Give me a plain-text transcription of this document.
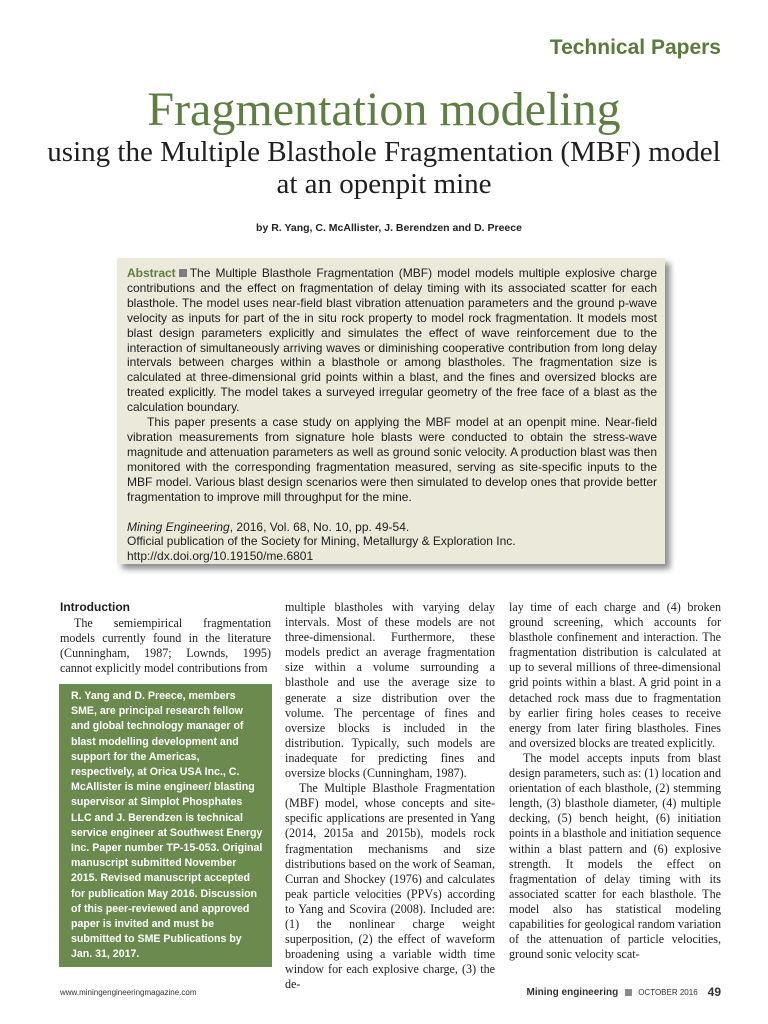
Technical Papers
Fragmentation modeling
using the Multiple Blasthole Fragmentation (MBF) model at an openpit mine
by R. Yang, C. McAllister, J. Berendzen and D. Preece

Abstract The Multiple Blasthole Fragmentation (MBF) model models multiple explosive charge contributions and the effect on fragmentation of delay timing with its associated scatter for each blasthole. The model uses near-field blast vibration attenuation parameters and the ground p-wave velocity as inputs for part of the in situ rock property to model rock fragmentation. It models most blast design parameters explicitly and simulates the effect of wave reinforcement due to the interaction of simultaneously arriving waves or diminishing cooperative contribution from long delay intervals between charges within a blasthole or among blastholes. The fragmentation size is calculated at three-dimensional grid points within a blast, and the fines and oversized blocks are treated explicitly. The model takes a surveyed irregular geometry of the free face of a blast as the calculation boundary.

This paper presents a case study on applying the MBF model at an openpit mine. Near-field vibration measurements from signature hole blasts were conducted to obtain the stress-wave magnitude and attenuation parameters as well as ground sonic velocity. A production blast was then monitored with the corresponding fragmentation measured, serving as site-specific inputs to the MBF model. Various blast design scenarios were then simulated to develop ones that provide better fragmentation to improve mill throughput for the mine.

Mining Engineering, 2016, Vol. 68, No. 10, pp. 49-54.
Official publication of the Society for Mining, Metallurgy & Exploration Inc.
http://dx.doi.org/10.19150/me.6801
Introduction

The semiempirical fragmentation models currently found in the literature (Cunningham, 1987; Lownds, 1995) cannot explicitly model contributions from

R. Yang and D. Preece, members SME, are principal research fellow and global technology manager of blast modelling development and support for the Americas, respectively, at Orica USA Inc., C. McAllister is mine engineer/ blasting supervisor at Simplot Phosphates LLC and J. Berendzen is technical service engineer at Southwest Energy Inc. Paper number TP-15-053. Original manuscript submitted November 2015. Revised manuscript accepted for publication May 2016. Discussion of this peer-reviewed and approved paper is invited and must be submitted to SME Publications by Jan. 31, 2017.

multiple blastholes with varying delay intervals. Most of these models are not three-dimensional. Furthermore, these models predict an average fragmentation size within a volume surrounding a blasthole and use the average size to generate a size distribution over the volume. The percentage of fines and oversize blocks is included in the distribution. Typically, such models are inadequate for predicting fines and oversize blocks (Cunningham, 1987).

The Multiple Blasthole Fragmentation (MBF) model, whose concepts and site-specific applications are presented in Yang (2014, 2015a and 2015b), models rock fragmentation mechanisms and size distributions based on the work of Seaman, Curran and Shockey (1976) and calculates peak particle velocities (PPVs) according to Yang and Scovira (2008). Included are: (1) the nonlinear charge weight superposition, (2) the effect of waveform broadening using a variable width time window for each explosive charge, (3) the de-

lay time of each charge and (4) broken ground screening, which accounts for blasthole confinement and interaction. The fragmentation distribution is calculated at up to several millions of three-dimensional grid points within a blast. A grid point in a detached rock mass due to fragmentation by earlier firing holes ceases to receive energy from later firing blastholes. Fines and oversized blocks are treated explicitly.

The model accepts inputs from blast design parameters, such as: (1) location and orientation of each blasthole, (2) stemming length, (3) blasthole diameter, (4) multiple decking, (5) bench height, (6) initiation points in a blasthole and initiation sequence within a blast pattern and (6) explosive strength. It models the effect on fragmentation of delay timing with its associated scatter for each blasthole. The model also has statistical modeling capabilities for geological random variation of the attenuation of particle velocities, ground sonic velocity scat-

www.miningengineeringmagazine.com	Mining engineering	OCTOBER 2016 49
